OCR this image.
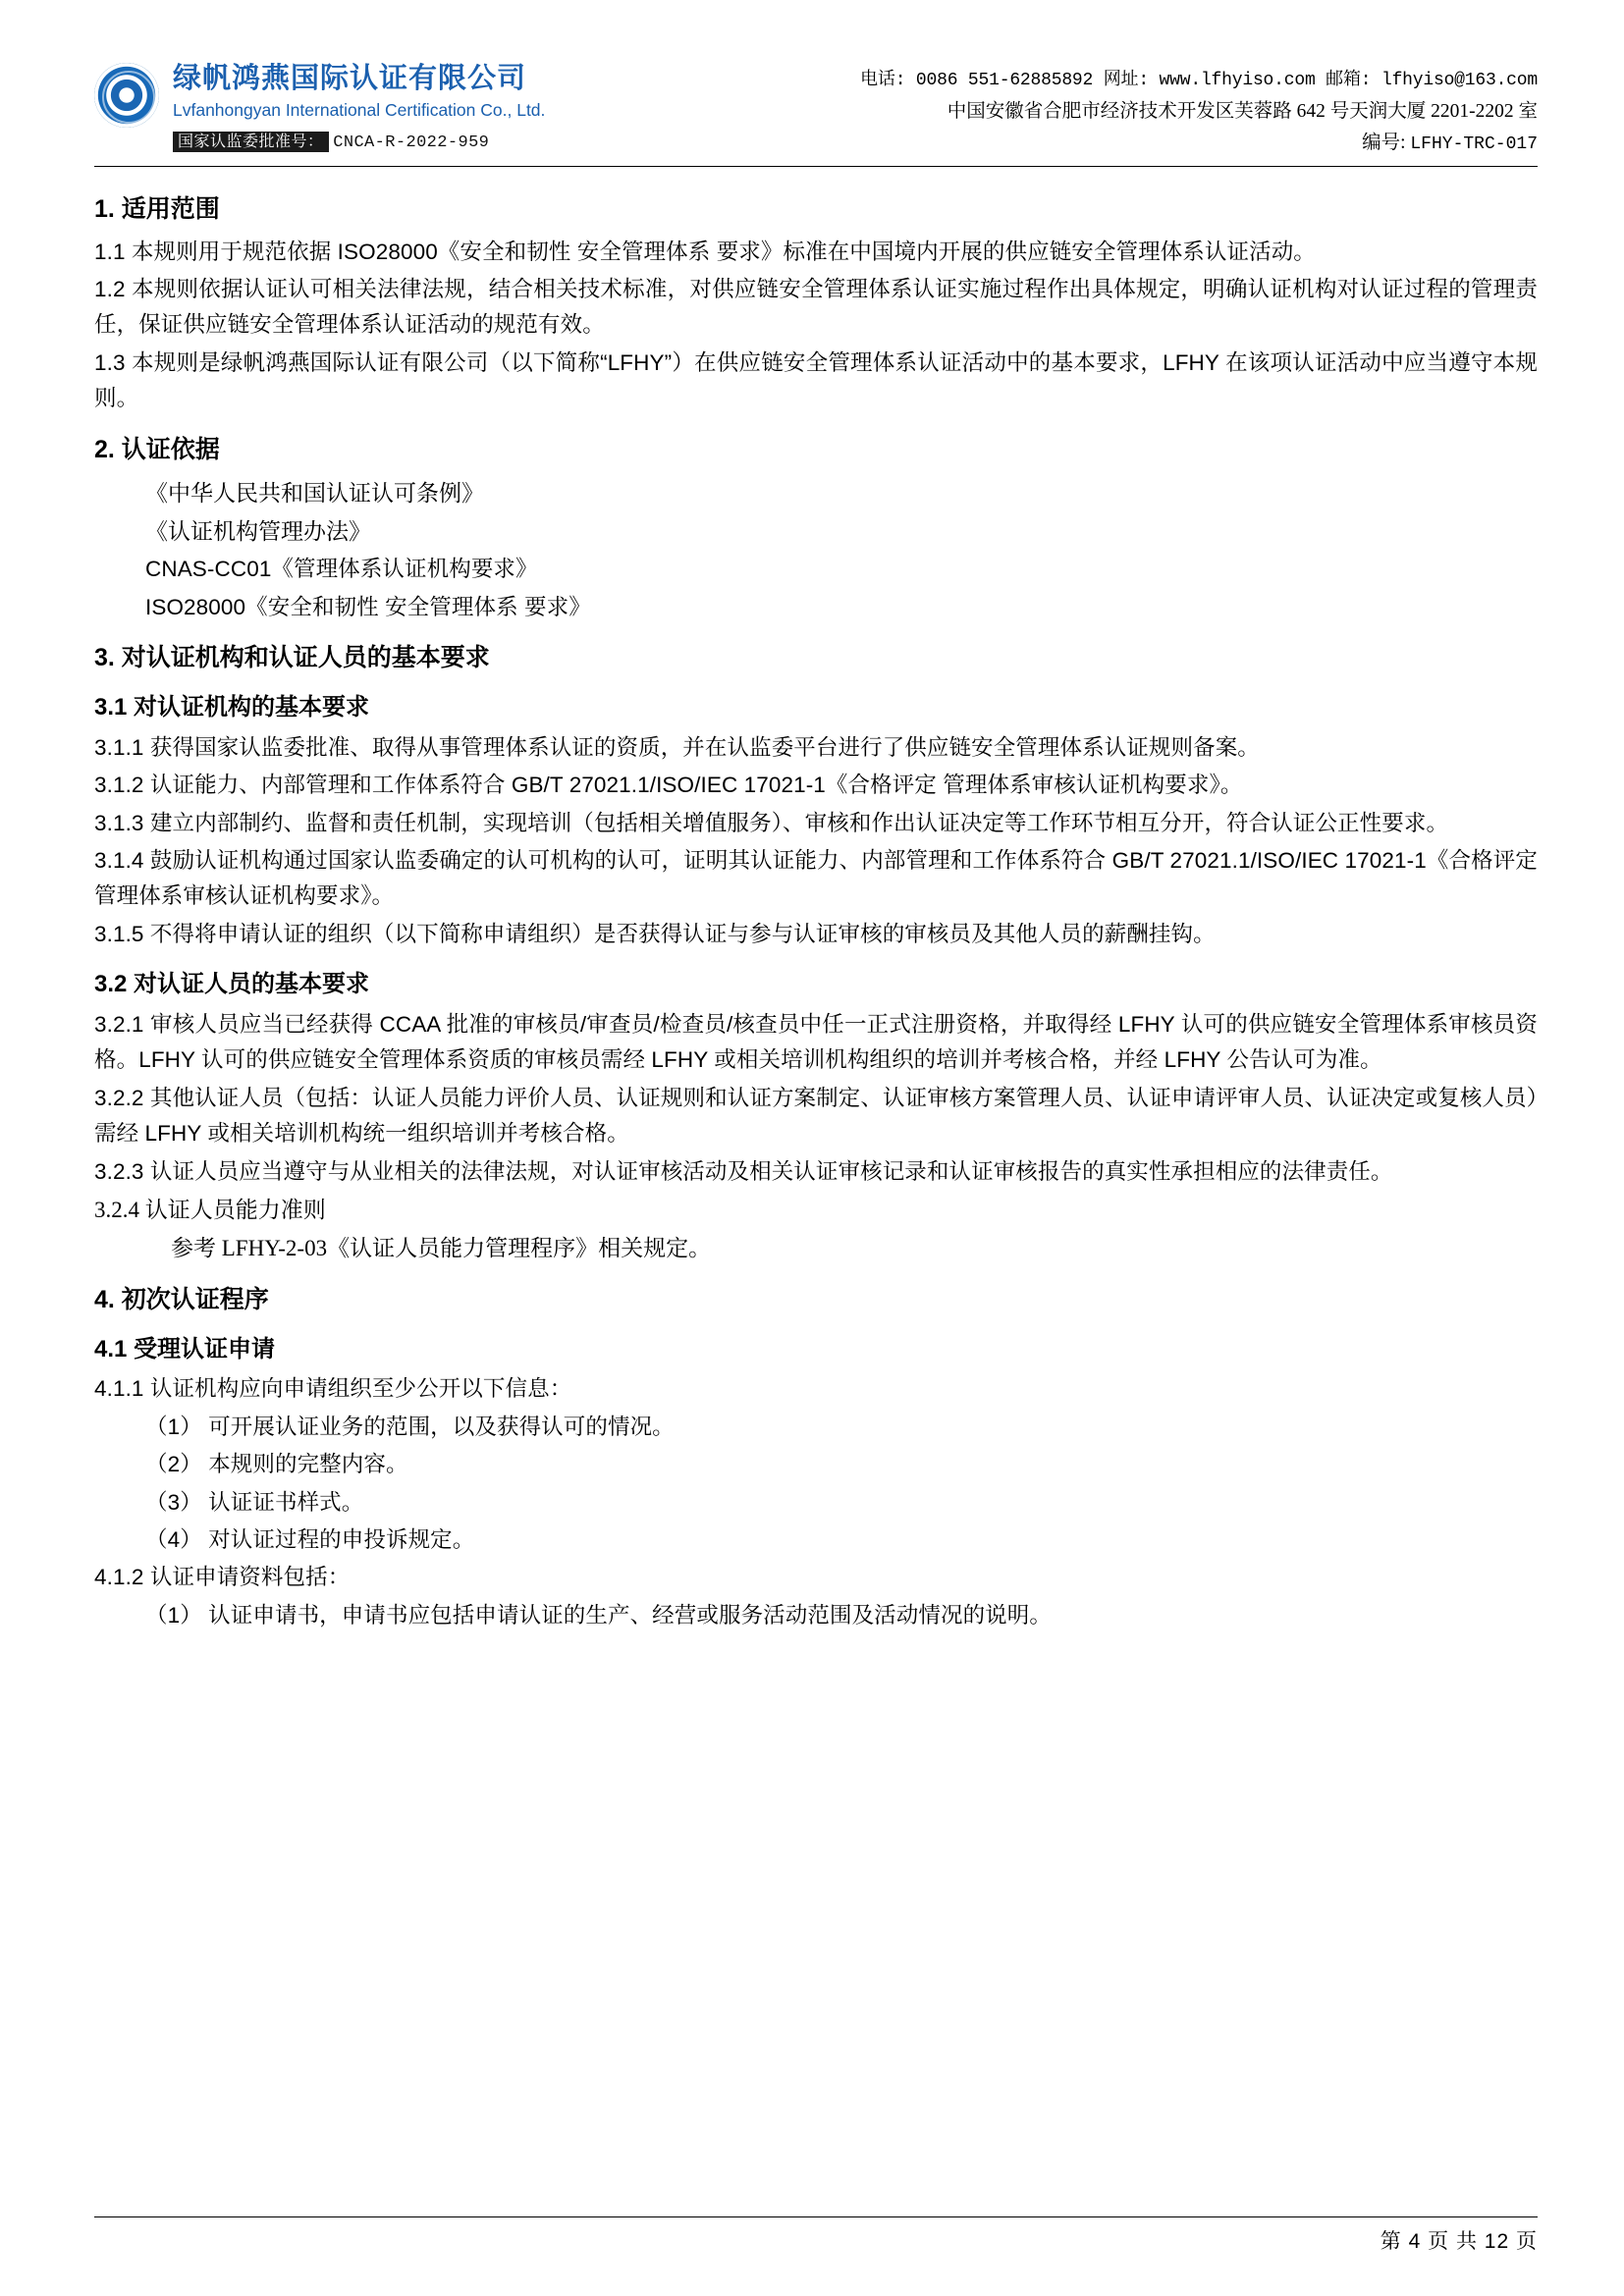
绿帆鸿燕国际认证有限公司
Lvfanhongyan International Certification Co., Ltd.
国家认监委批准号： CNCA-R-2022-959
电话: 0086 551-62885892 网址: www.lfhyiso.com 邮箱: lfhyiso@163.com
中国安徽省合肥市经济技术开发区芙蓉路 642 号天润大厦 2201-2202 室
编号: LFHY-TRC-017
1. 适用范围

1.1 本规则用于规范依据 ISO28000《安全和韧性 安全管理体系 要求》标准在中国境内开展的供应链安全管理体系认证活动。

1.2 本规则依据认证认可相关法律法规，结合相关技术标准，对供应链安全管理体系认证实施过程作出具体规定，明确认证机构对认证过程的管理责任，保证供应链安全管理体系认证活动的规范有效。

1.3 本规则是绿帆鸿燕国际认证有限公司（以下简称“LFHY”）在供应链安全管理体系认证活动中的基本要求，LFHY 在该项认证活动中应当遵守本规则。

2. 认证依据

《中华人民共和国认证认可条例》

《认证机构管理办法》

CNAS-CC01《管理体系认证机构要求》

ISO28000《安全和韧性 安全管理体系 要求》

3. 对认证机构和认证人员的基本要求
3.1 对认证机构的基本要求

3.1.1 获得国家认监委批准、取得从事管理体系认证的资质，并在认监委平台进行了供应链安全管理体系认证规则备案。

3.1.2 认证能力、内部管理和工作体系符合 GB/T 27021.1/ISO/IEC 17021-1《合格评定 管理体系审核认证机构要求》。

3.1.3 建立内部制约、监督和责任机制，实现培训（包括相关增值服务）、审核和作出认证决定等工作环节相互分开，符合认证公正性要求。

3.1.4 鼓励认证机构通过国家认监委确定的认可机构的认可，证明其认证能力、内部管理和工作体系符合 GB/T 27021.1/ISO/IEC 17021-1《合格评定 管理体系审核认证机构要求》。

3.1.5 不得将申请认证的组织（以下简称申请组织）是否获得认证与参与认证审核的审核员及其他人员的薪酬挂钩。

3.2 对认证人员的基本要求

3.2.1 审核人员应当已经获得 CCAA 批准的审核员/审查员/检查员/核查员中任一正式注册资格，并取得经 LFHY 认可的供应链安全管理体系审核员资格。LFHY 认可的供应链安全管理体系资质的审核员需经 LFHY 或相关培训机构组织的培训并考核合格，并经 LFHY 公告认可为准。

3.2.2 其他认证人员（包括：认证人员能力评价人员、认证规则和认证方案制定、认证审核方案管理人员、认证申请评审人员、认证决定或复核人员）需经 LFHY 或相关培训机构统一组织培训并考核合格。

3.2.3 认证人员应当遵守与从业相关的法律法规，对认证审核活动及相关认证审核记录和认证审核报告的真实性承担相应的法律责任。

3.2.4 认证人员能力准则

参考 LFHY-2-03《认证人员能力管理程序》相关规定。

4. 初次认证程序
4.1 受理认证申请

4.1.1 认证机构应向申请组织至少公开以下信息：

（1） 可开展认证业务的范围，以及获得认可的情况。

（2） 本规则的完整内容。

（3） 认证证书样式。

（4） 对认证过程的申投诉规定。

4.1.2 认证申请资料包括：

（1） 认证申请书，申请书应包括申请认证的生产、经营或服务活动范围及活动情况的说明。

第 4 页 共 12 页
